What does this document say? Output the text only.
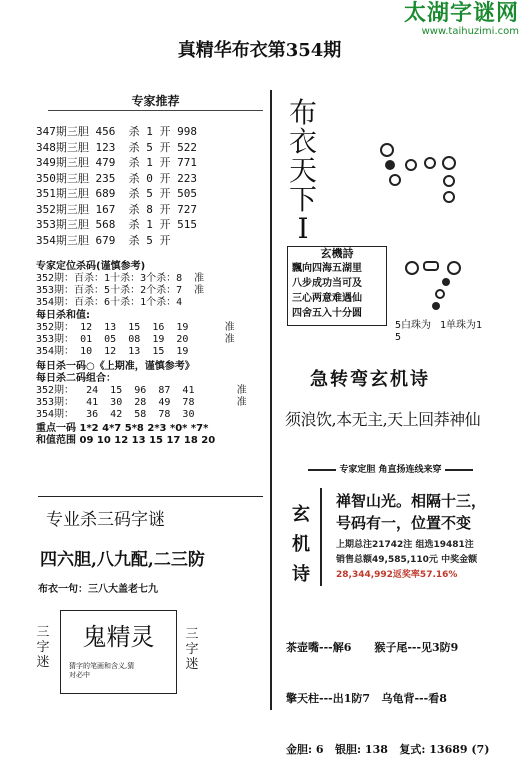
太湖字谜网
www.taihuzimi.com
真精华布衣第354期
专家推荐
347期三胆 456  杀 1 开 998
348期三胆 123  杀 5 开 522
349期三胆 479  杀 1 开 771
350期三胆 235  杀 0 开 223
351期三胆 689  杀 5 开 505
352期三胆 167  杀 8 开 727
353期三胆 568  杀 1 开 515
354期三胆 679  杀 5 开
专家定位杀码(谨慎参考)
352期：百杀：1十杀：3个杀：8  准
353期：百杀：5十杀：2个杀：7  准
354期：百杀：6十杀：1个杀：4
每日杀和值:
352期： 12  13  15  16  19      准
353期： 01  05  08  19  20      准
354期： 10  12  13  15  19
每日杀一码○《上期准，谨慎参考》
每日杀二码组合：
352期：  24  15  96  87  41       准
353期：  41  30  28  49  78       准
354期：  36  42  58  78  30
重点一码 1*2 4*7 5*8 2*3 *0* *7*
和值范围 09 10 12 13 15 17 18 20
布
衣
天
下
I
玄機詩
飄向四海五湖里
八步成功当可及
三心两意难遇仙
四舍五入十分圆
5白珠为5
1单珠为1
急转弯玄机诗
须浪饮,本无主,天上回莽神仙
专家定胆 角直扬连线来穿
玄
机
诗
禅智山光。相隔十三，
号码有一，位置不变
上期总注21742注 组选19481注
销售总额49,585,110元 中奖金额
28,344,992返奖率57.16%

茶壶嘴---解6      猴子尾---见3防9

擎天柱---出1防7   乌龟背---看8

金胆: 6   银胆: 138   复式: 13689 (7)

专业杀三码字谜
四六胆,八九配,二三防
布衣一句：三八大盖老七九
三
字
迷
鬼精灵
猜字的笔画和含义,猜
对必中
三
字
迷
